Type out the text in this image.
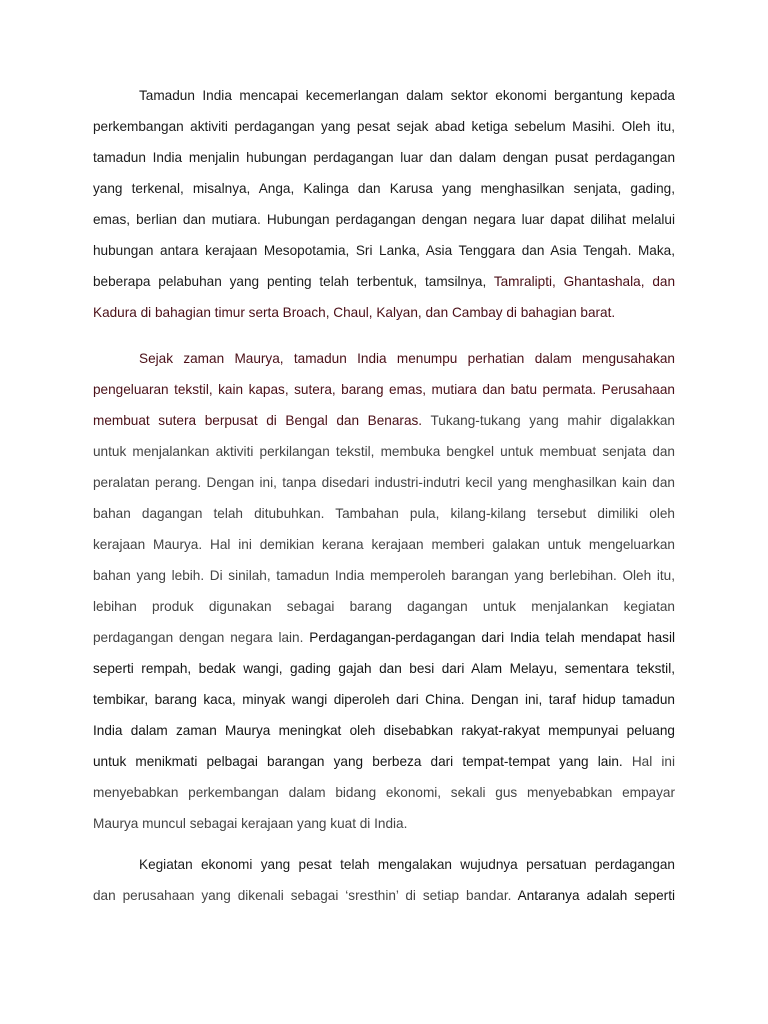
Tamadun India mencapai kecemerlangan dalam sektor ekonomi bergantung kepada
perkembangan aktiviti perdagangan yang pesat sejak abad ketiga sebelum Masihi. Oleh itu,
tamadun India menjalin hubungan perdagangan luar dan dalam dengan pusat perdagangan
yang terkenal, misalnya, Anga, Kalinga dan Karusa yang menghasilkan senjata, gading,
emas, berlian dan mutiara. Hubungan perdagangan dengan negara luar dapat dilihat melalui
hubungan antara kerajaan Mesopotamia, Sri Lanka, Asia Tenggara dan Asia Tengah. Maka,
beberapa pelabuhan yang penting telah terbentuk, tamsilnya, Tamralipti, Ghantashala, dan
Kadura di bahagian timur serta Broach, Chaul, Kalyan, dan Cambay di bahagian barat.

Sejak zaman Maurya, tamadun India menumpu perhatian dalam mengusahakan
pengeluaran tekstil, kain kapas, sutera, barang emas, mutiara dan batu permata. Perusahaan
membuat sutera berpusat di Bengal dan Benaras. Tukang-tukang yang mahir digalakkan
untuk menjalankan aktiviti perkilangan tekstil, membuka bengkel untuk membuat senjata dan
peralatan perang. Dengan ini, tanpa disedari industri-indutri kecil yang menghasilkan kain dan
bahan dagangan telah ditubuhkan. Tambahan pula, kilang-kilang tersebut dimiliki oleh
kerajaan Maurya. Hal ini demikian kerana kerajaan memberi galakan untuk mengeluarkan
bahan yang lebih. Di sinilah, tamadun India memperoleh barangan yang berlebihan. Oleh itu,
lebihan produk digunakan sebagai barang dagangan untuk menjalankan kegiatan
perdagangan dengan negara lain. Perdagangan-perdagangan dari India telah mendapat hasil
seperti rempah, bedak wangi, gading gajah dan besi dari Alam Melayu, sementara tekstil,
tembikar, barang kaca, minyak wangi diperoleh dari China. Dengan ini, taraf hidup tamadun
India dalam zaman Maurya meningkat oleh disebabkan rakyat-rakyat mempunyai peluang
untuk menikmati pelbagai barangan yang berbeza dari tempat-tempat yang lain. Hal ini
menyebabkan perkembangan dalam bidang ekonomi, sekali gus menyebabkan empayar
Maurya muncul sebagai kerajaan yang kuat di India.

Kegiatan ekonomi yang pesat telah mengalakan wujudnya persatuan perdagangan
dan perusahaan yang dikenali sebagai ‘sresthin’ di setiap bandar. Antaranya adalah seperti
